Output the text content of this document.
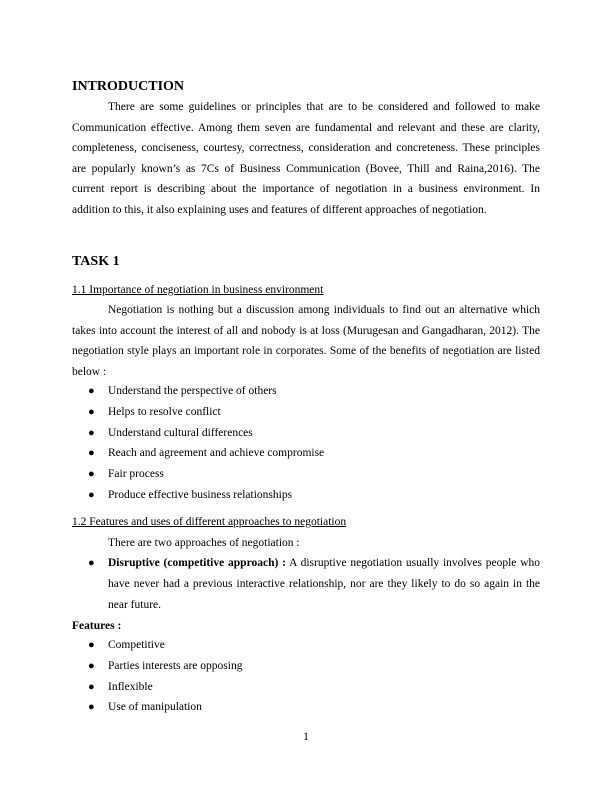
INTRODUCTION

There are some guidelines or principles that are to be considered and followed to make Communication effective. Among them seven are fundamental and relevant and these are clarity, completeness, conciseness, courtesy, correctness, consideration and concreteness. These principles are popularly known’s as 7Cs of Business Communication (Bovee, Thill and Raina,2016). The current report is describing about the importance of negotiation in a business environment. In addition to this, it also explaining uses and features of different approaches of negotiation.

TASK 1
1.1 Importance of negotiation in business environment

Negotiation is nothing but a discussion among individuals to find out an alternative which takes into account the interest of all and nobody is at loss (Murugesan and Gangadharan, 2012). The negotiation style plays an important role in corporates. Some of the benefits of negotiation are listed below :

● Understand the perspective of others
● Helps to resolve conflict
● Understand cultural differences
● Reach and agreement and achieve compromise
● Fair process
● Produce effective business relationships
1.2 Features and uses of different approaches to negotiation
There are two approaches of negotiation :
● Disruptive (competitive approach) : A disruptive negotiation usually involves people who have never had a previous interactive relationship, nor are they likely to do so again in the near future.
Features :
● Competitive
● Parties interests are opposing
● Inflexible
● Use of manipulation
1
